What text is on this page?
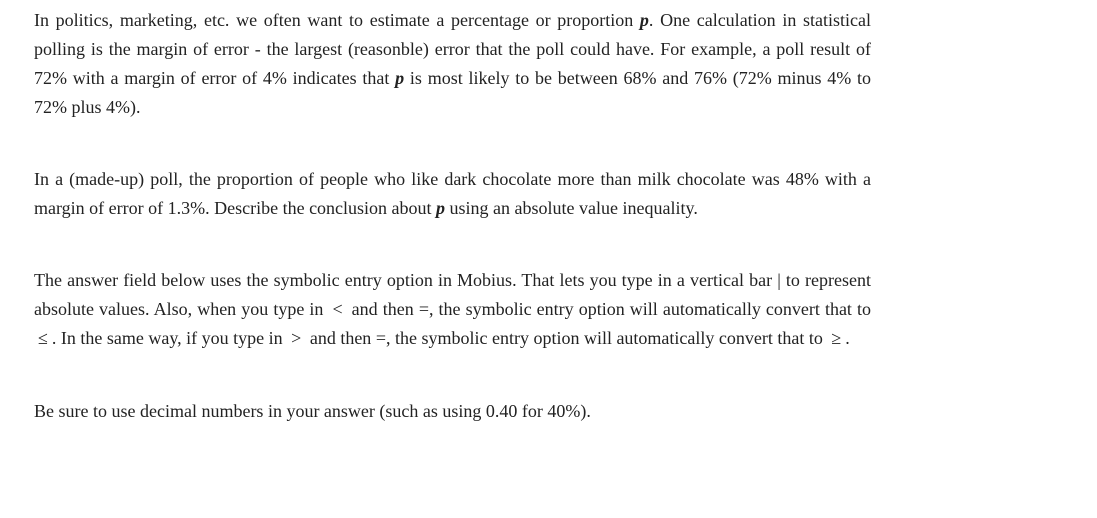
In politics, marketing, etc. we often want to estimate a percentage or proportion p. One calculation in statistical polling is the margin of error - the largest (reasonble) error that the poll could have. For example, a poll result of 72% with a margin of error of 4% indicates that p is most likely to be between 68% and 76% (72% minus 4% to 72% plus 4%).

In a (made-up) poll, the proportion of people who like dark chocolate more than milk chocolate was 48% with a margin of error of 1.3%. Describe the conclusion about p using an absolute value inequality.

The answer field below uses the symbolic entry option in Mobius. That lets you type in a vertical bar | to represent absolute values. Also, when you type in < and then =, the symbolic entry option will automatically convert that to ≤ . In the same way, if you type in > and then =, the symbolic entry option will automatically convert that to ≥ .

Be sure to use decimal numbers in your answer (such as using 0.40 for 40%).
